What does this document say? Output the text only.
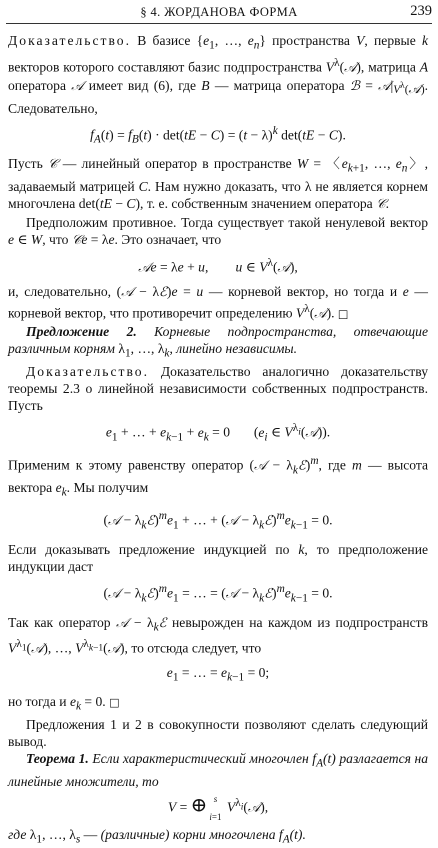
§ 4. ЖОРДАНОВА ФОРМА	239

Доказательство. В базисе {$e_1$, …, $e_n$} пространства V, первые k векторов которого составляют базис подпространства $V^\lambda(𝒜)$, матрица A оператора 𝒜 имеет вид (6), где B — матрица оператора ℬ = $𝒜|_{V^\lambda(𝒜)}$. Следовательно,

$f_A(t) = f_B(t) \cdot \det(tE - C) = (t - \lambda)^k$ det(tE − C).

Пусть 𝒞 — линейный оператор в пространстве W = 〈$e_{k+1}$, …, $e_n$〉, задаваемый матрицей C. Нам нужно доказать, что λ не является корнем многочлена det(tE − C), т. е. собственным значением оператора 𝒞.

Предположим противное. Тогда существует такой ненулевой вектор e ∈ W, что 𝒞e = λe. Это означает, что

𝒜e = λe + u,        u ∈ $V^\lambda(𝒜)$,

и, следовательно, (𝒜 − λℰ)e = u — корневой вектор, но тогда и e — корневой вектор, что противоречит определению $V^\lambda(𝒜)$. □

Предложение 2. Корневые подпространства, отвечающие различным корням $\lambda_1$, …, $\lambda_k$, линейно независимы.

Доказательство. Доказательство аналогично доказательству теоремы 2.3 о линейной независимости собственных подпространств. Пусть

$e_1$ + … + $e_{k-1} + e_k = 0$       ($e_i$ ∈ $V^{\lambda_i}(𝒜)$).

Применим к этому равенству оператор (𝒜 − $\lambda_kℰ)^m$, где m — высота вектора $e_k$. Мы получим

(𝒜 − $\lambda_kℰ)^me_1$ + … + (𝒜 − $\lambda_kℰ)^me_{k-1} = 0$.

Если доказывать предложение индукцией по k, то предположение индукции даст

(𝒜 − $\lambda_kℰ)^me_1$ = … = (𝒜 − $\lambda_kℰ)^me_{k-1} = 0$.

Так как оператор 𝒜 − $\lambda_kℰ$ невырожден на каждом из подпространств $V^{\lambda_1}(𝒜)$, …, $V^{\lambda_{k-1}}(𝒜)$, то отсюда следует, что

$e_1$ = … = $e_{k-1} = 0$;

но тогда и $e_k = 0$. □

Предложения 1 и 2 в совокупности позволяют сделать следующий вывод.

Теорема 1. Если характеристический многочлен $f_A(t)$ разлагается на линейные множители, то

V = ⊕ s

i=1 $V^{\lambda_i}(𝒜)$,

где $\lambda_1$, …, $\lambda_s$ — (различные) корни многочлена $f_A(t)$.
